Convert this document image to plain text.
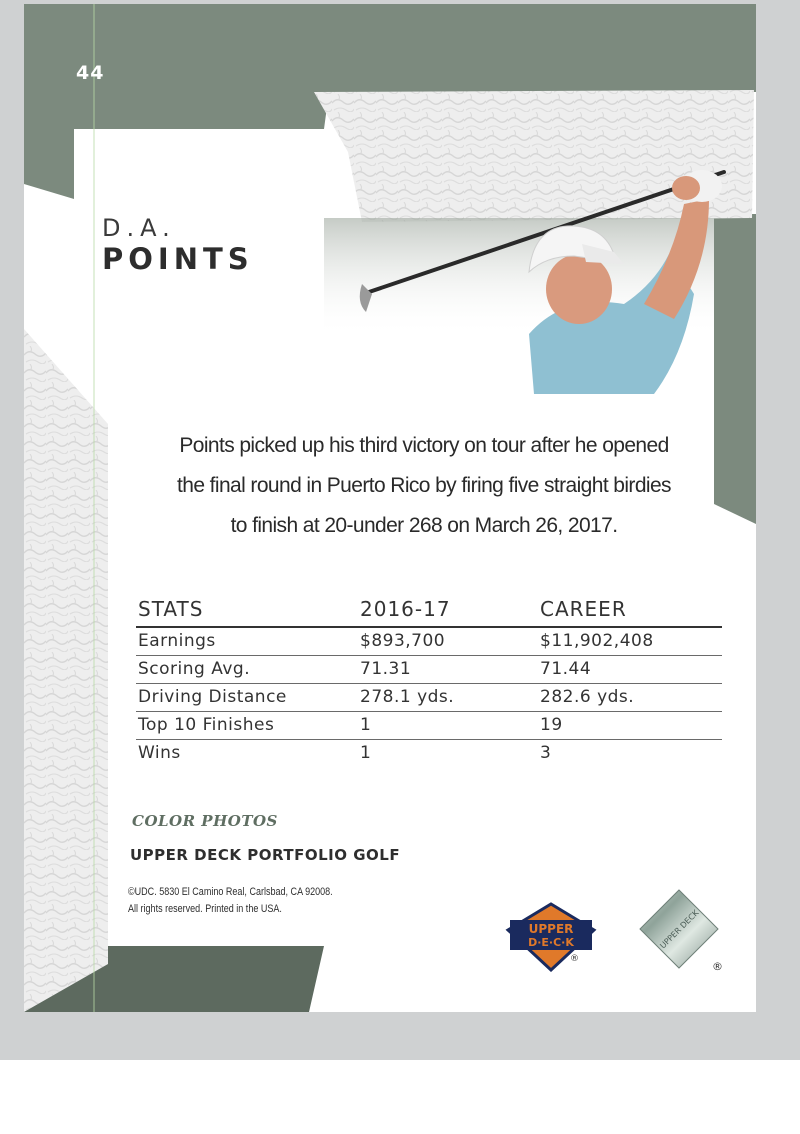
44
D.A.
POINTS
Points picked up his third victory on tour after he opened
the final round in Puerto Rico by firing five straight birdies
to finish at 20-under 268 on March 26, 2017.
STATS	2016-17	CAREER
Earnings	$893,700	$11,902,408
Scoring Avg.	71.31	71.44
Driving Distance	278.1 yds.	282.6 yds.
Top 10 Finishes	1	19
Wins	1	3
COLOR PHOTOS
UPPER DECK PORTFOLIO GOLF
©UDC. 5830 El Camino Real, Carlsbad, CA 92008.
All rights reserved. Printed in the USA.
UPPER
D·E·C·K
®
UPPER DECK
®
